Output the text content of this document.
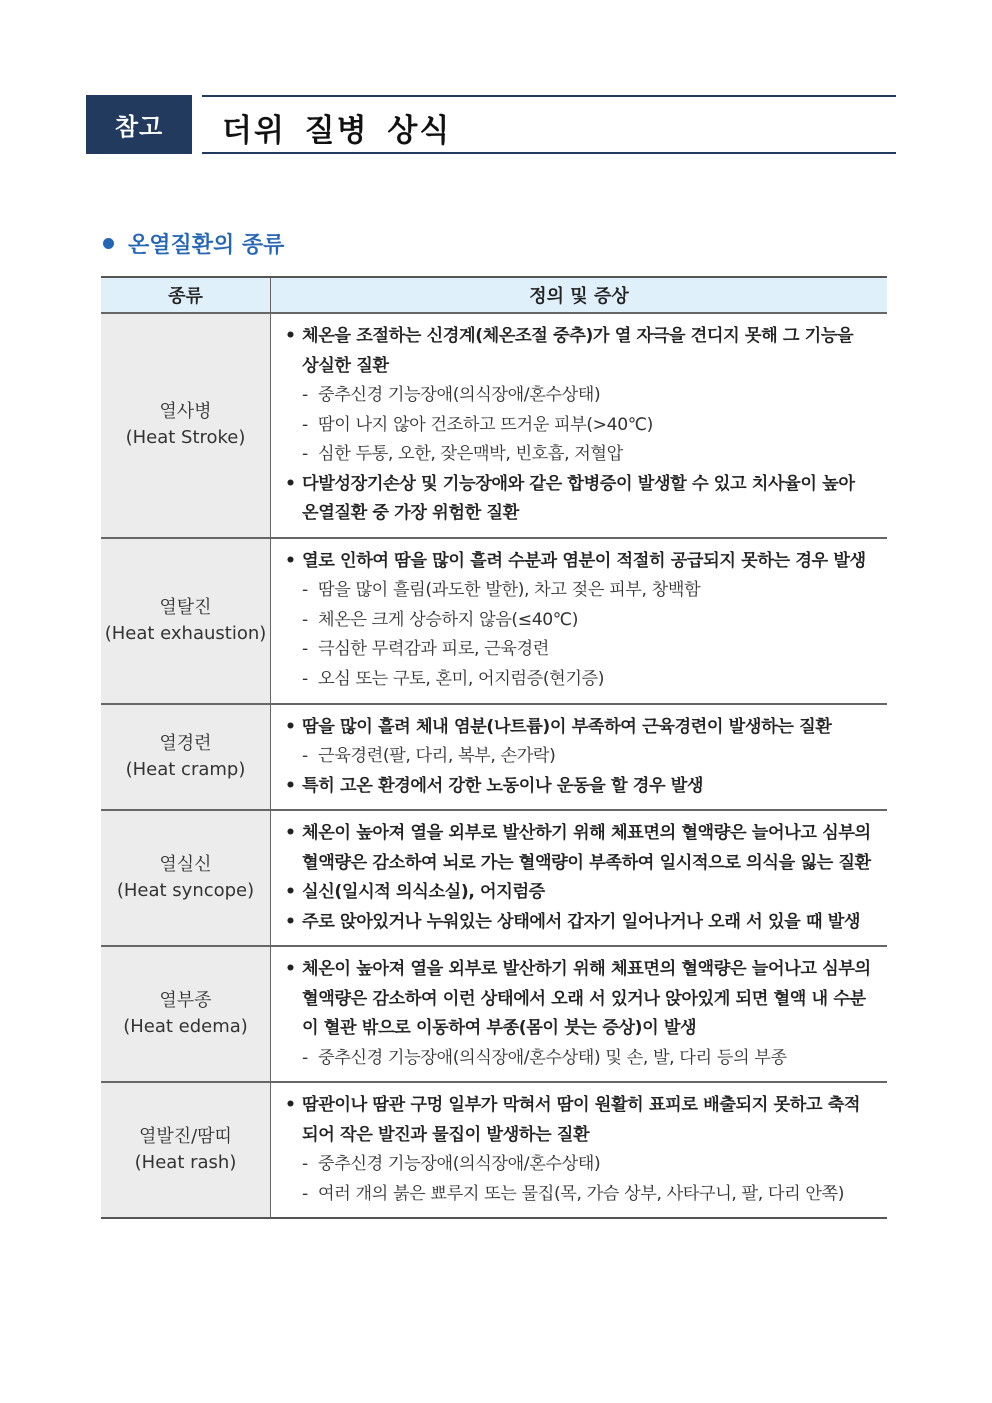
참고	더위 질병 상식
온열질환의 종류
종류	정의 및 증상
열사병
(Heat Stroke)
• 체온을 조절하는 신경계(체온조절 중추)가 열 자극을 견디지 못해 그 기능을 상실한 질환
- 중추신경 기능장애(의식장애/혼수상태)
- 땀이 나지 않아 건조하고 뜨거운 피부(>40℃)
- 심한 두통, 오한, 잦은맥박, 빈호흡, 저혈압
• 다발성장기손상 및 기능장애와 같은 합병증이 발생할 수 있고 치사율이 높아 온열질환 중 가장 위험한 질환
열탈진
(Heat exhaustion)
• 열로 인하여 땀을 많이 흘려 수분과 염분이 적절히 공급되지 못하는 경우 발생
- 땀을 많이 흘림(과도한 발한), 차고 젖은 피부, 창백함
- 체온은 크게 상승하지 않음(≤40℃)
- 극심한 무력감과 피로, 근육경련
- 오심 또는 구토, 혼미, 어지럼증(현기증)
열경련
(Heat cramp)
• 땀을 많이 흘려 체내 염분(나트륨)이 부족하여 근육경련이 발생하는 질환
- 근육경련(팔, 다리, 복부, 손가락)
• 특히 고온 환경에서 강한 노동이나 운동을 할 경우 발생
열실신
(Heat syncope)
• 체온이 높아져 열을 외부로 발산하기 위해 체표면의 혈액량은 늘어나고 심부의 혈액량은 감소하여 뇌로 가는 혈액량이 부족하여 일시적으로 의식을 잃는 질환
• 실신(일시적 의식소실), 어지럼증
• 주로 앉아있거나 누워있는 상태에서 갑자기 일어나거나 오래 서 있을 때 발생
열부종
(Heat edema)
• 체온이 높아져 열을 외부로 발산하기 위해 체표면의 혈액량은 늘어나고 심부의 혈액량은 감소하여 이런 상태에서 오래 서 있거나 앉아있게 되면 혈액 내 수분이 혈관 밖으로 이동하여 부종(몸이 붓는 증상)이 발생
- 중추신경 기능장애(의식장애/혼수상태) 및 손, 발, 다리 등의 부종
열발진/땀띠
(Heat rash)
• 땀관이나 땀관 구멍 일부가 막혀서 땀이 원활히 표피로 배출되지 못하고 축적되어 작은 발진과 물집이 발생하는 질환
- 중추신경 기능장애(의식장애/혼수상태)
- 여러 개의 붉은 뾰루지 또는 물집(목, 가슴 상부, 사타구니, 팔, 다리 안쪽)
